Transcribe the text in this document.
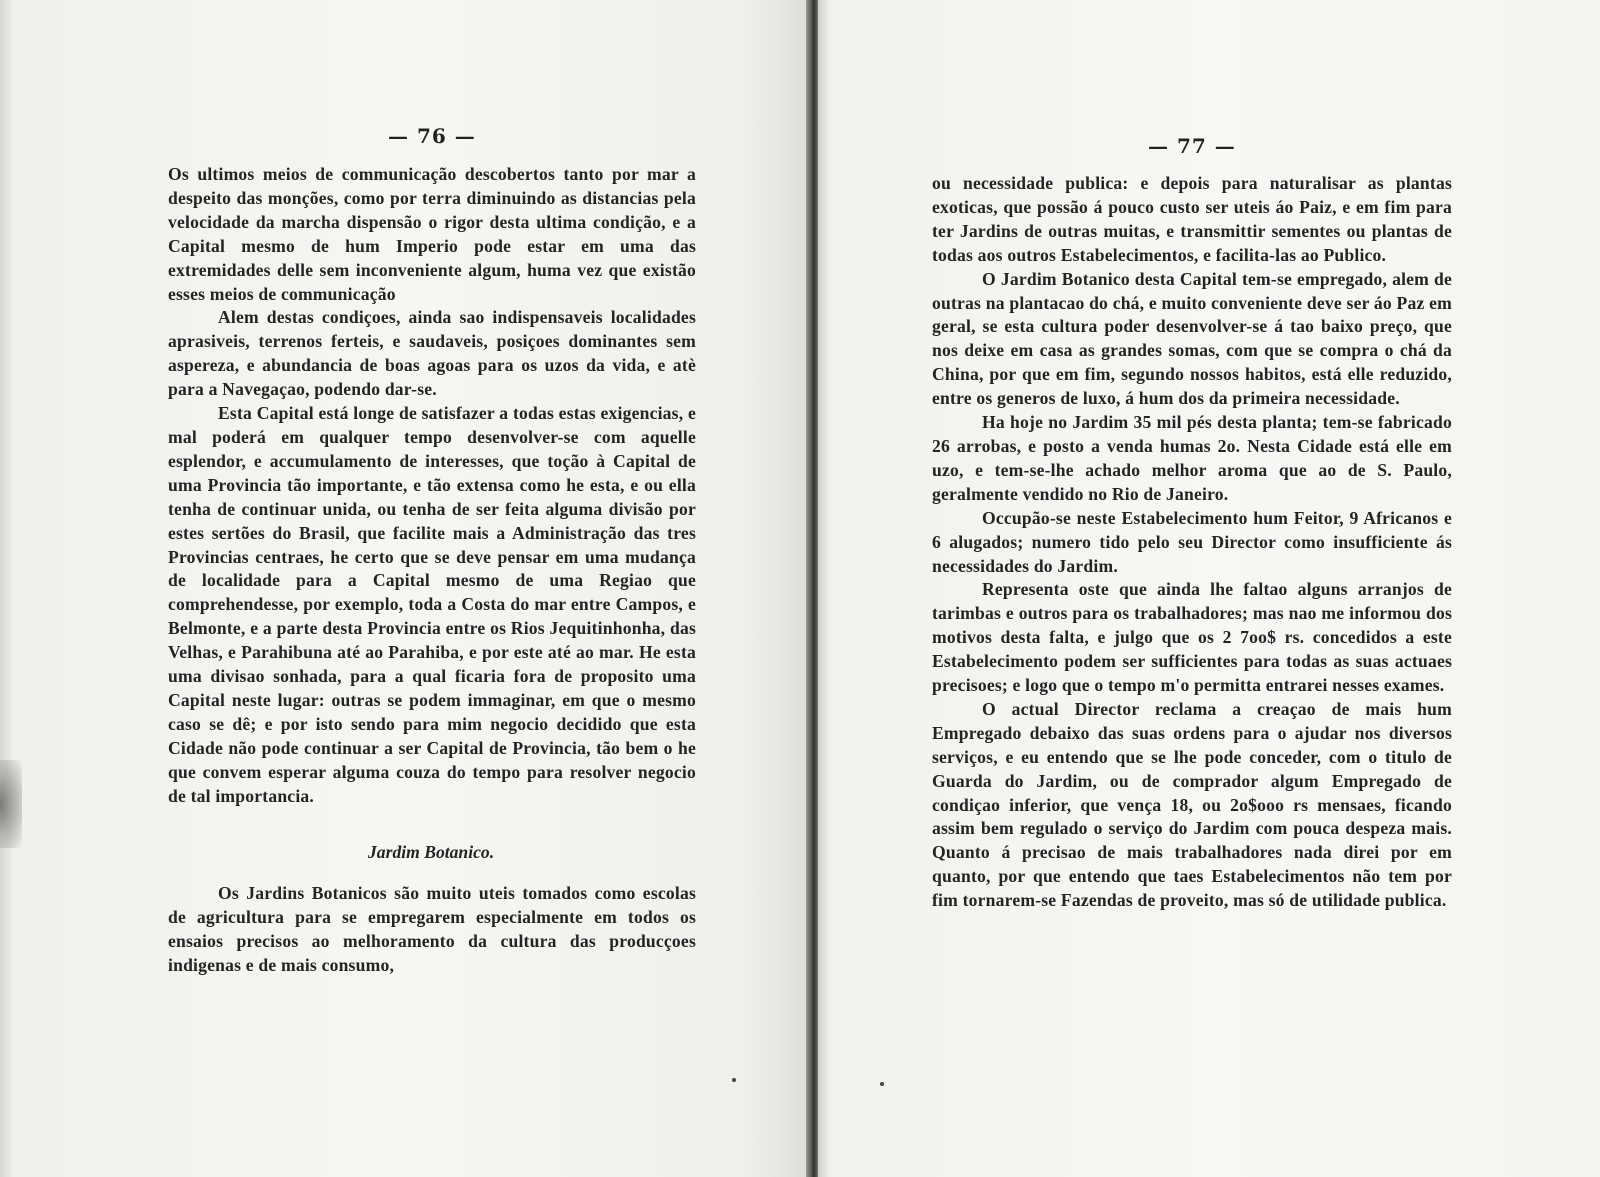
— 76 —

Os ultimos meios de communicação descobertos tanto por mar a despeito das monções, como por terra diminuindo as distancias pela velocidade da marcha dispensão o rigor desta ultima condição, e a Capital mesmo de hum Imperio pode estar em uma das extremidades delle sem inconveniente algum, huma vez que existão esses meios de communicação

Alem destas condiçoes, ainda sao indispensaveis localidades aprasiveis, terrenos ferteis, e saudaveis, posiçoes dominantes sem aspereza, e abundancia de boas agoas para os uzos da vida, e atè para a Navegaçao, podendo dar-se.

Esta Capital está longe de satisfazer a todas estas exigencias, e mal poderá em qualquer tempo desenvolver-se com aquelle esplendor, e accumulamento de interesses, que toção à Capital de uma Provincia tão importante, e tão extensa como he esta, e ou ella tenha de continuar unida, ou tenha de ser feita alguma divisão por estes sertões do Brasil, que facilite mais a Administração das tres Provincias centraes, he certo que se deve pensar em uma mudança de localidade para a Capital mesmo de uma Regiao que comprehendesse, por exemplo, toda a Costa do mar entre Campos, e Belmonte, e a parte desta Provincia entre os Rios Jequitinhonha, das Velhas, e Parahibuna até ao Parahiba, e por este até ao mar. He esta uma divisao sonhada, para a qual ficaria fora de proposito uma Capital neste lugar: outras se podem immaginar, em que o mesmo caso se dê; e por isto sendo para mim negocio decidido que esta Cidade não pode continuar a ser Capital de Provincia, tão bem o he que convem esperar alguma couza do tempo para resolver negocio de tal importancia.

Jardim Botanico.

Os Jardins Botanicos são muito uteis tomados como escolas de agricultura para se empregarem especialmente em todos os ensaios precisos ao melhoramento da cultura das producçoes indigenas e de mais consumo,

— 77 —

ou necessidade publica: e depois para naturalisar as plantas exoticas, que possão á pouco custo ser uteis áo Paiz, e em fim para ter Jardins de outras muitas, e transmittir sementes ou plantas de todas aos outros Estabelecimentos, e facilita-las ao Publico.

O Jardim Botanico desta Capital tem-se empregado, alem de outras na plantacao do chá, e muito conveniente deve ser áo Paz em geral, se esta cultura poder desenvolver-se á tao baixo preço, que nos deixe em casa as grandes somas, com que se compra o chá da China, por que em fim, segundo nossos habitos, está elle reduzido, entre os generos de luxo, á hum dos da primeira necessidade.

Ha hoje no Jardim 35 mil pés desta planta; tem-se fabricado 26 arrobas, e posto a venda humas 2o. Nesta Cidade está elle em uzo, e tem-se-lhe achado melhor aroma que ao de S. Paulo, geralmente vendido no Rio de Janeiro.

Occupão-se neste Estabelecimento hum Feitor, 9 Africanos e 6 alugados; numero tido pelo seu Director como insufficiente ás necessidades do Jardim.

Representa oste que ainda lhe faltao alguns arranjos de tarimbas e outros para os trabalhadores; mas nao me informou dos motivos desta falta, e julgo que os 2 7oo$ rs. concedidos a este Estabelecimento podem ser sufficientes para todas as suas actuaes precisoes; e logo que o tempo m'o permitta entrarei nesses exames.

O actual Director reclama a creaçao de mais hum Empregado debaixo das suas ordens para o ajudar nos diversos serviços, e eu entendo que se lhe pode conceder, com o titulo de Guarda do Jardim, ou de comprador algum Empregado de condiçao inferior, que vença 18, ou 2o$ooo rs mensaes, ficando assim bem regulado o serviço do Jardim com pouca despeza mais. Quanto á precisao de mais trabalhadores nada direi por em quanto, por que entendo que taes Estabelecimentos não tem por fim tornarem-se Fazendas de proveito, mas só de utilidade publica.
